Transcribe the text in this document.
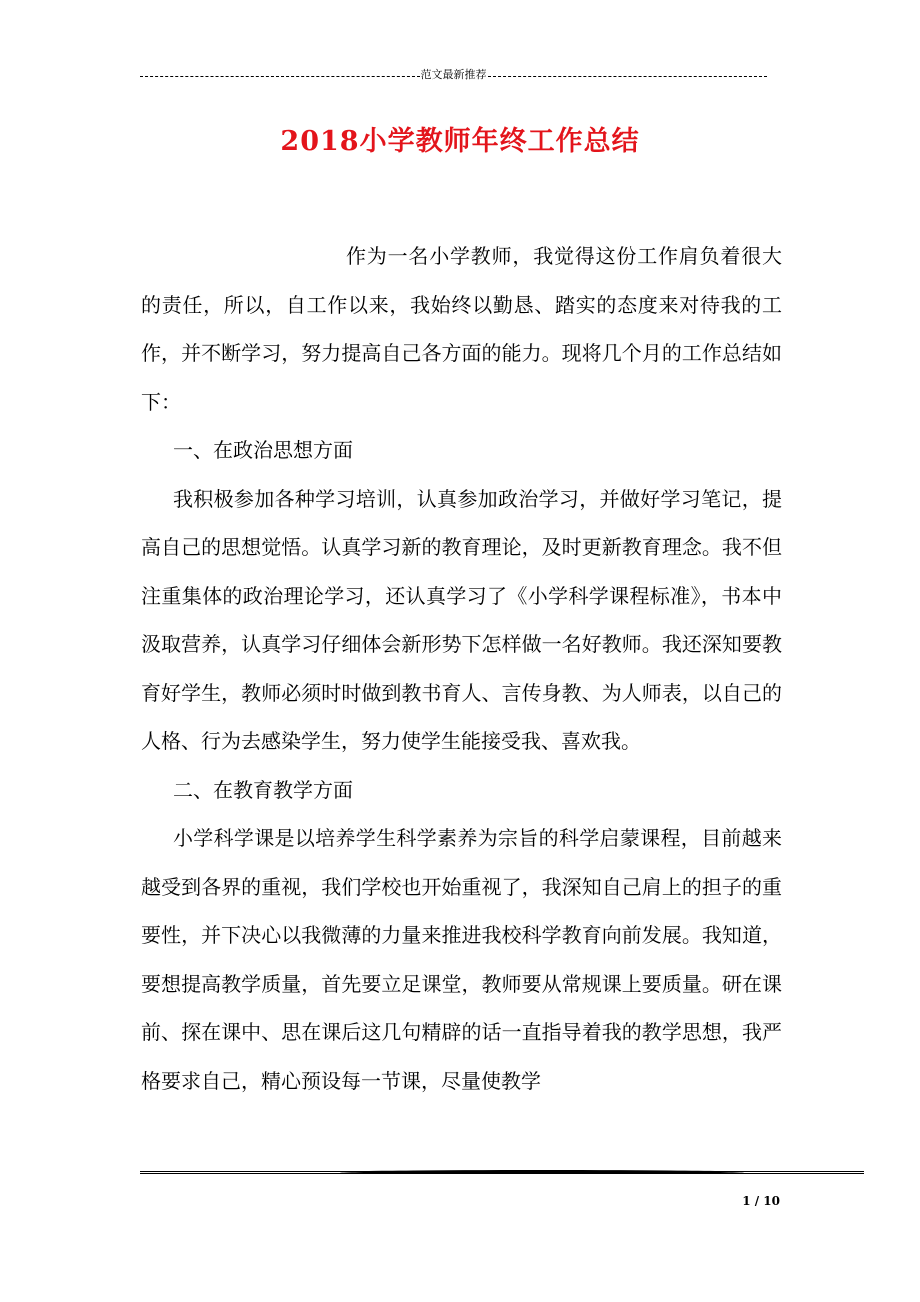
范文最新推荐
2018小学教师年终工作总结

作为一名小学教师，我觉得这份工作肩负着很大的责任，所以，自工作以来，我始终以勤恳、踏实的态度来对待我的工作，并不断学习，努力提高自己各方面的能力。现将几个月的工作总结如下：

一、在政治思想方面

我积极参加各种学习培训，认真参加政治学习，并做好学习笔记，提高自己的思想觉悟。认真学习新的教育理论，及时更新教育理念。我不但注重集体的政治理论学习，还认真学习了《小学科学课程标准》，书本中汲取营养，认真学习仔细体会新形势下怎样做一名好教师。我还深知要教育好学生，教师必须时时做到教书育人、言传身教、为人师表，以自己的人格、行为去感染学生，努力使学生能接受我、喜欢我。

二、在教育教学方面

小学科学课是以培养学生科学素养为宗旨的科学启蒙课程，目前越来越受到各界的重视，我们学校也开始重视了，我深知自己肩上的担子的重要性，并下决心以我微薄的力量来推进我校科学教育向前发展。我知道，要想提高教学质量，首先要立足课堂，教师要从常规课上要质量。研在课前、探在课中、思在课后这几句精辟的话一直指导着我的教学思想，我严格要求自己，精心预设每一节课，尽量使教学

1 / 10
